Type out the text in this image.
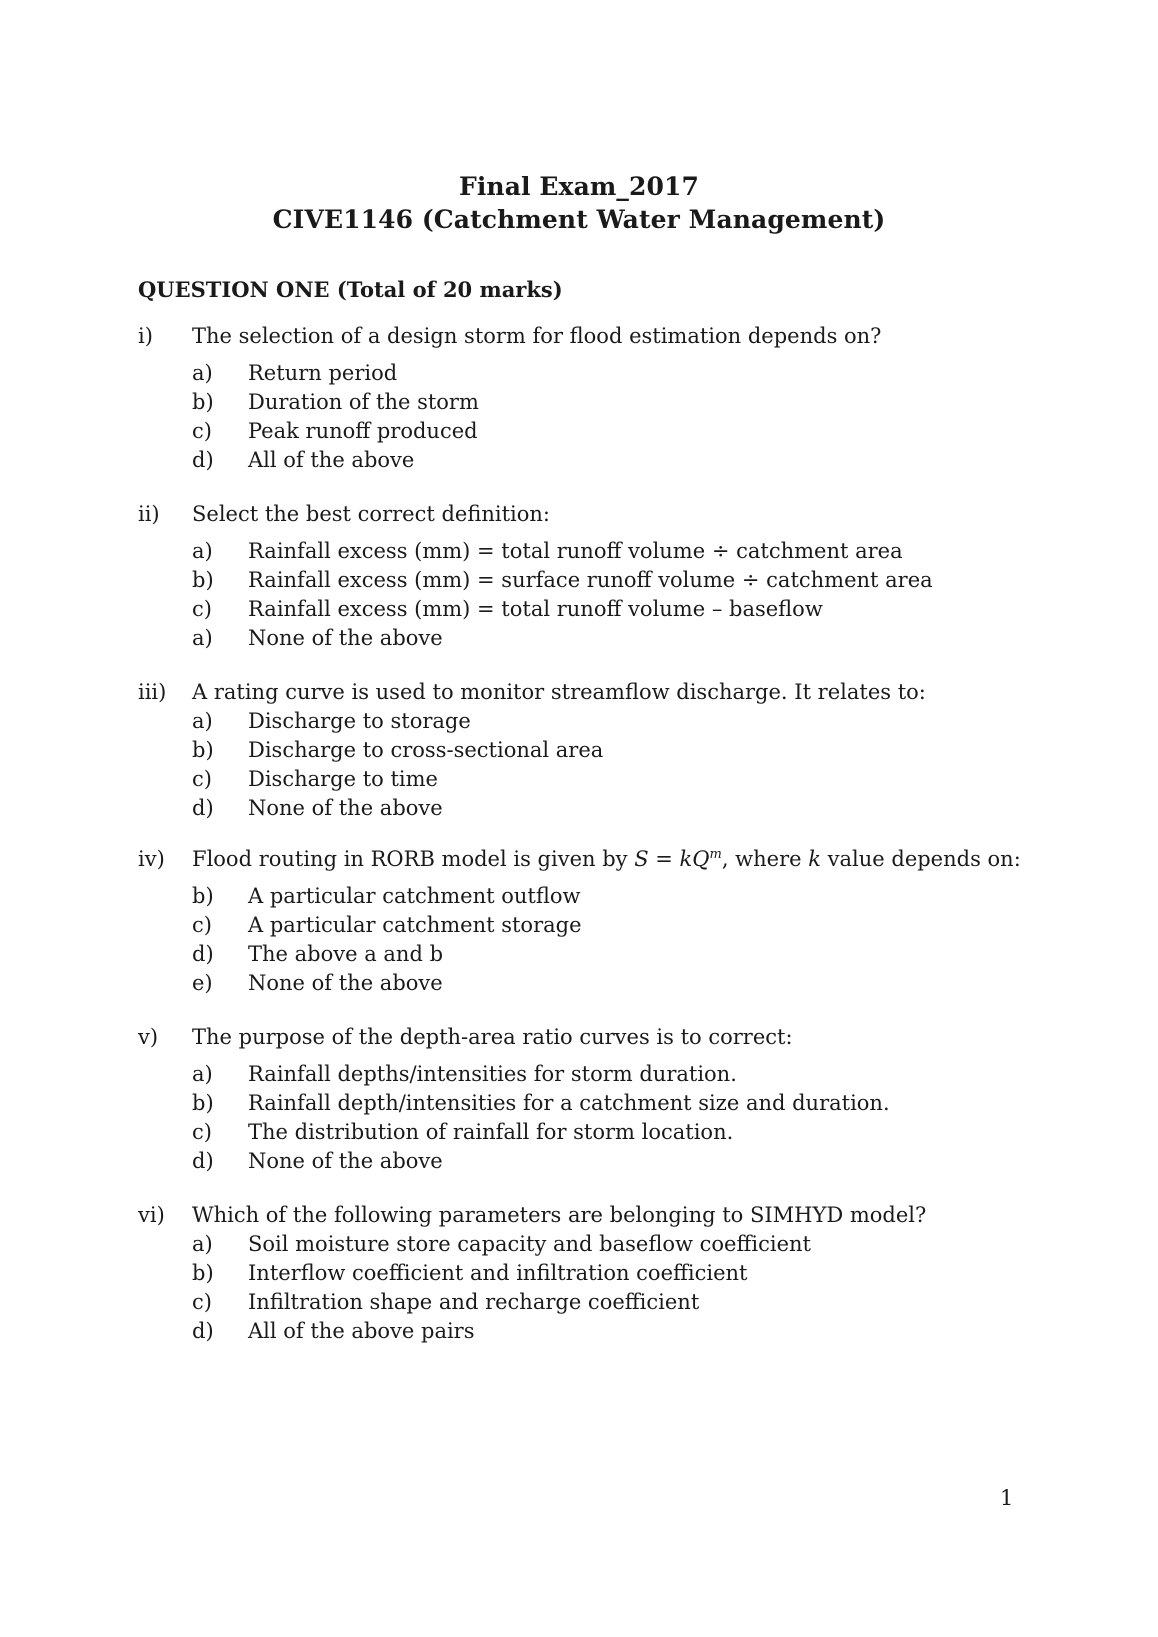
Final Exam_2017
CIVE1146 (Catchment Water Management)
QUESTION ONE (Total of 20 marks)
i)	The selection of a design storm for flood estimation depends on?
a)	Return period
b)	Duration of the storm
c)	Peak runoff produced
d)	All of the above
ii)	Select the best correct definition:
a)	Rainfall excess (mm) = total runoff volume ÷ catchment area
b)	Rainfall excess (mm) = surface runoff volume ÷ catchment area
c)	Rainfall excess (mm) = total runoff volume – baseflow
a)	None of the above
iii)	A rating curve is used to monitor streamflow discharge. It relates to:
a)	Discharge to storage
b)	Discharge to cross-sectional area
c)	Discharge to time
d)	None of the above
iv)	Flood routing in RORB model is given by $S = kQ^m$, where k value depends on:
b)	A particular catchment outflow
c)	A particular catchment storage
d)	The above a and b
e)	None of the above
v)	The purpose of the depth-area ratio curves is to correct:
a)	Rainfall depths/intensities for storm duration.
b)	Rainfall depth/intensities for a catchment size and duration.
c)	The distribution of rainfall for storm location.
d)	None of the above
vi)	Which of the following parameters are belonging to SIMHYD model?
a)	Soil moisture store capacity and baseflow coefficient
b)	Interflow coefficient and infiltration coefficient
c)	Infiltration shape and recharge coefficient
d)	All of the above pairs
1
